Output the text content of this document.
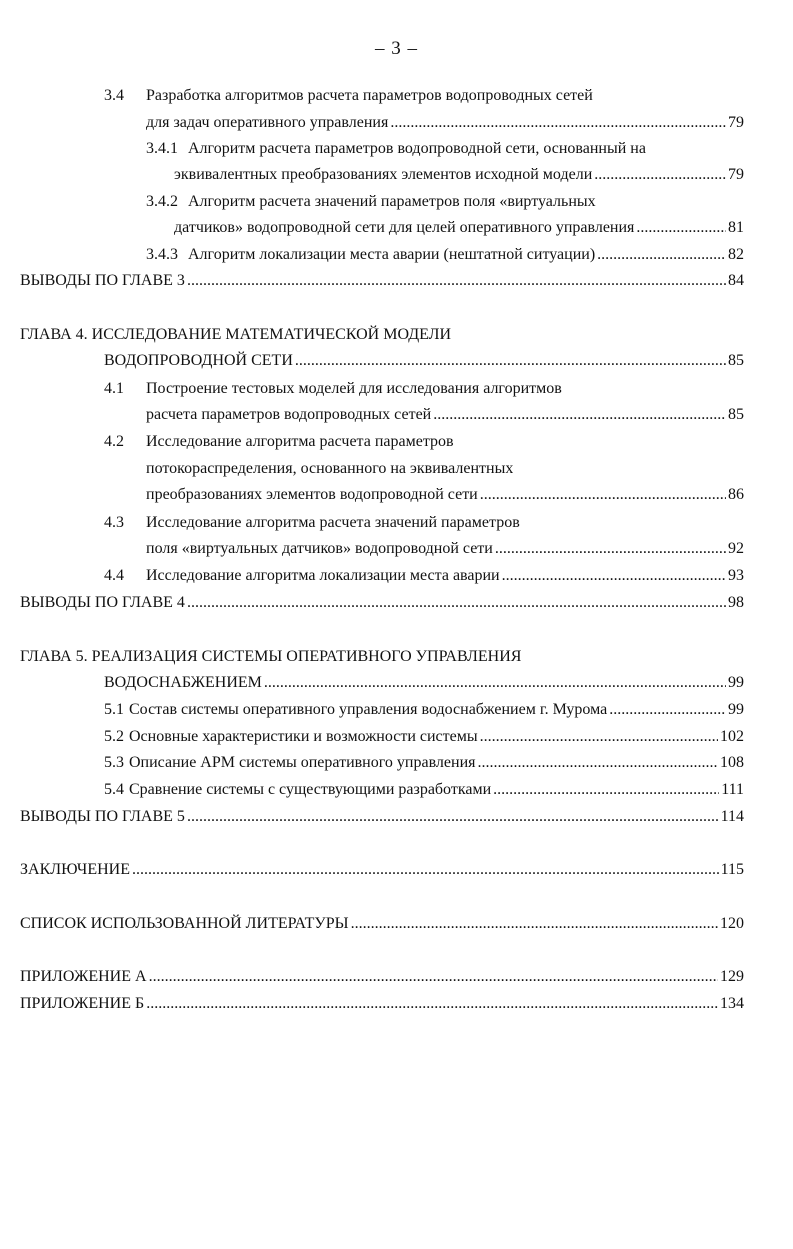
– 3 –
3.4 Разработка алгоритмов расчета параметров водопроводных сетей
для задач оперативного управления .....	79
3.4.1 Алгоритм расчета параметров водопроводной сети, основанный на
эквивалентных преобразованиях элементов исходной модели .....	79
3.4.2 Алгоритм расчета значений параметров поля «виртуальных
датчиков» водопроводной сети для целей оперативного управления .....	81
3.4.3 Алгоритм локализации места аварии (нештатной ситуации) .....	82
ВЫВОДЫ ПО ГЛАВЕ 3 .....	84
ГЛАВА 4. ИССЛЕДОВАНИЕ МАТЕМАТИЧЕСКОЙ МОДЕЛИ
ВОДОПРОВОДНОЙ СЕТИ .....	85
4.1 Построение тестовых моделей для исследования алгоритмов
расчета параметров водопроводных сетей .....	85
4.2 Исследование алгоритма расчета параметров
потокораспределения, основанного на эквивалентных
преобразованиях элементов водопроводной сети .....	86
4.3 Исследование алгоритма расчета значений параметров
поля «виртуальных датчиков» водопроводной сети .....	92
4.4 Исследование алгоритма локализации места аварии .....	93
ВЫВОДЫ ПО ГЛАВЕ 4 .....	98
ГЛАВА 5. РЕАЛИЗАЦИЯ СИСТЕМЫ ОПЕРАТИВНОГО УПРАВЛЕНИЯ
ВОДОСНАБЖЕНИЕМ .....	99
5.1 Состав системы оперативного управления водоснабжением г. Мурома .....	99
5.2 Основные характеристики и возможности системы .....	102
5.3 Описание АРМ системы оперативного управления .....	108
5.4 Сравнение системы с существующими разработками .....	111
ВЫВОДЫ ПО ГЛАВЕ 5 .....	114
ЗАКЛЮЧЕНИЕ .....	115
СПИСОК ИСПОЛЬЗОВАННОЙ ЛИТЕРАТУРЫ .....	120
ПРИЛОЖЕНИЕ А .....	129
ПРИЛОЖЕНИЕ Б .....	134
